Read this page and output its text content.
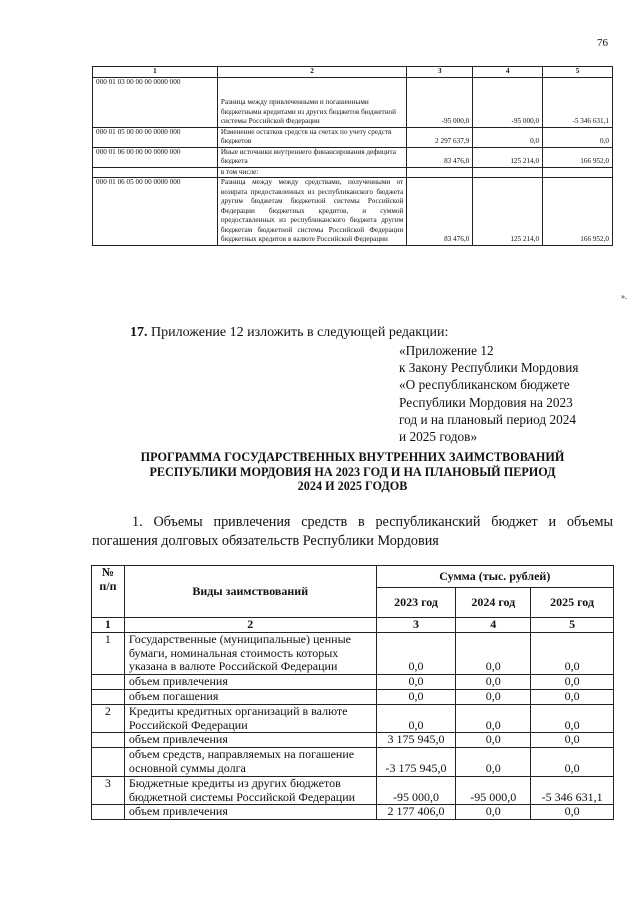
76
1	2	3	4	5
000 01 03 00 00 00 0000 000	Разница между привлеченными и погашенными бюджетными кредитами из других бюджетов бюджетной системы Российской Федерации	-95 000,0	-95 000,0	-5 346 631,1
000 01 05 00 00 00 0000 000	Изменение остатков средств на счетах по учету средств бюджетов	2 297 637,9	0,0	0,0
000 01 06 00 00 00 0000 000	Иные источники внутреннего финансирования дефицита бюджета	83 476,0	125 214,0	166 952,0
	в том числе:			
000 01 06 05 00 00 0000 000	Разница между между средствами, полученными от возврата предоставленных из республиканского бюджета другим бюджетам бюджетной системы Российской Федерации бюджетных кредитов, и суммой предоставленных из республиканского бюджета другим бюджетам бюджетной системы Российской Федерации бюджетных кредитов в валюте Российской Федерации	83 476,0	125 214,0	166 952,0
».
17. Приложение 12 изложить в следующей редакции:
«Приложение 12
к Закону Республики Мордовия
«О республиканском бюджете
Республики Мордовия на 2023
год и на плановый период 2024
и 2025 годов»
ПРОГРАММА ГОСУДАРСТВЕННЫХ ВНУТРЕННИХ ЗАИМСТВОВАНИЙ
РЕСПУБЛИКИ МОРДОВИЯ НА 2023 ГОД И НА ПЛАНОВЫЙ ПЕРИОД
2024 И 2025 ГОДОВ
1. Объемы привлечения средств в республиканский бюджет и объемы
погашения долговых обязательств Республики Мордовия
№ п/п	Виды заимствований	Сумма (тыс. рублей)		
		2023 год	2024 год	2025 год
1	2	3	4	5
1	Государственные (муниципальные) ценные бумаги, номинальная стоимость которых указана в валюте Российской Федерации	0,0	0,0	0,0
	объем привлечения	0,0	0,0	0,0
	объем погашения	0,0	0,0	0,0
2	Кредиты кредитных организаций в валюте Российской Федерации	0,0	0,0	0,0
	объем привлечения	3 175 945,0	0,0	0,0
	объем средств, направляемых на погашение основной суммы долга	-3 175 945,0	0,0	0,0
3	Бюджетные кредиты из других бюджетов бюджетной системы Российской Федерации	-95 000,0	-95 000,0	-5 346 631,1
	объем привлечения	2 177 406,0	0,0	0,0
